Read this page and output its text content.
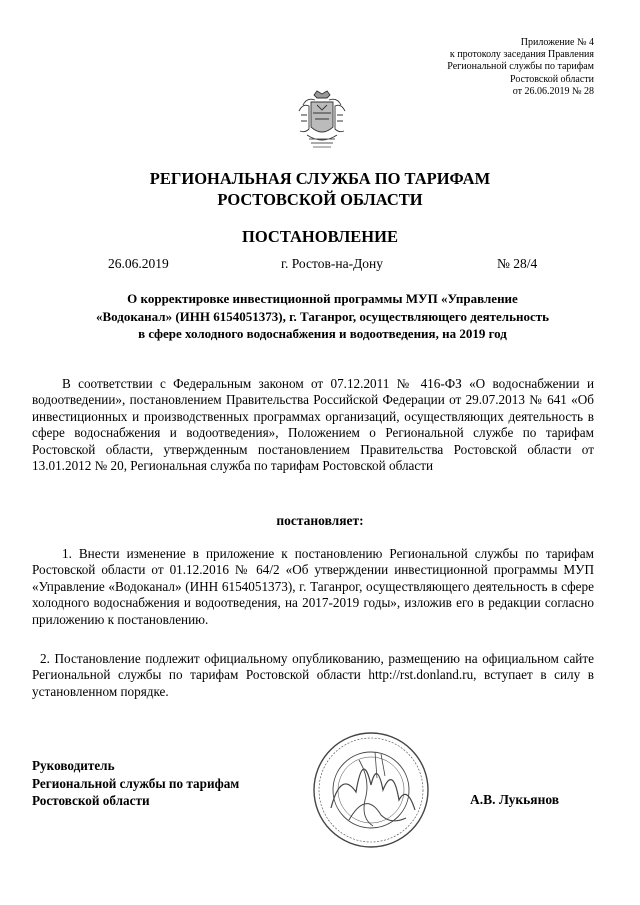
Приложение № 4
к протоколу заседания Правления
Региональной службы по тарифам
Ростовской области
от 26.06.2019 № 28
РЕГИОНАЛЬНАЯ СЛУЖБА ПО ТАРИФАМ
РОСТОВСКОЙ ОБЛАСТИ
ПОСТАНОВЛЕНИЕ
26.06.2019	г. Ростов-на-Дону	№ 28/4
О корректировке инвестиционной программы МУП «Управление
«Водоканал» (ИНН 6154051373), г. Таганрог, осуществляющего деятельность
в сфере холодного водоснабжения и водоотведения, на 2019 год

В соответствии с Федеральным законом от 07.12.2011 № 416-ФЗ «О водоснабжении и водоотведении», постановлением Правительства Российской Федерации от 29.07.2013 № 641 «Об инвестиционных и производственных программах организаций, осуществляющих деятельность в сфере водоснабжения и водоотведения», Положением о Региональной службе по тарифам Ростовской области, утвержденным постановлением Правительства Ростовской области от 13.01.2012 № 20, Региональная служба по тарифам Ростовской области

постановляет:

1. Внести изменение в приложение к постановлению Региональной службы по тарифам Ростовской области от 01.12.2016 № 64/2 «Об утверждении инвестиционной программы МУП «Управление «Водоканал» (ИНН 6154051373), г. Таганрог, осуществляющего деятельность в сфере холодного водоснабжения и водоотведения, на 2017-2019 годы», изложив его в редакции согласно приложению к постановлению.

2. Постановление подлежит официальному опубликованию, размещению на официальном сайте Региональной службы по тарифам Ростовской области http://rst.donland.ru, вступает в силу в установленном порядке.

Руководитель
Региональной службы по тарифам
Ростовской области	А.В. Лукьянов
